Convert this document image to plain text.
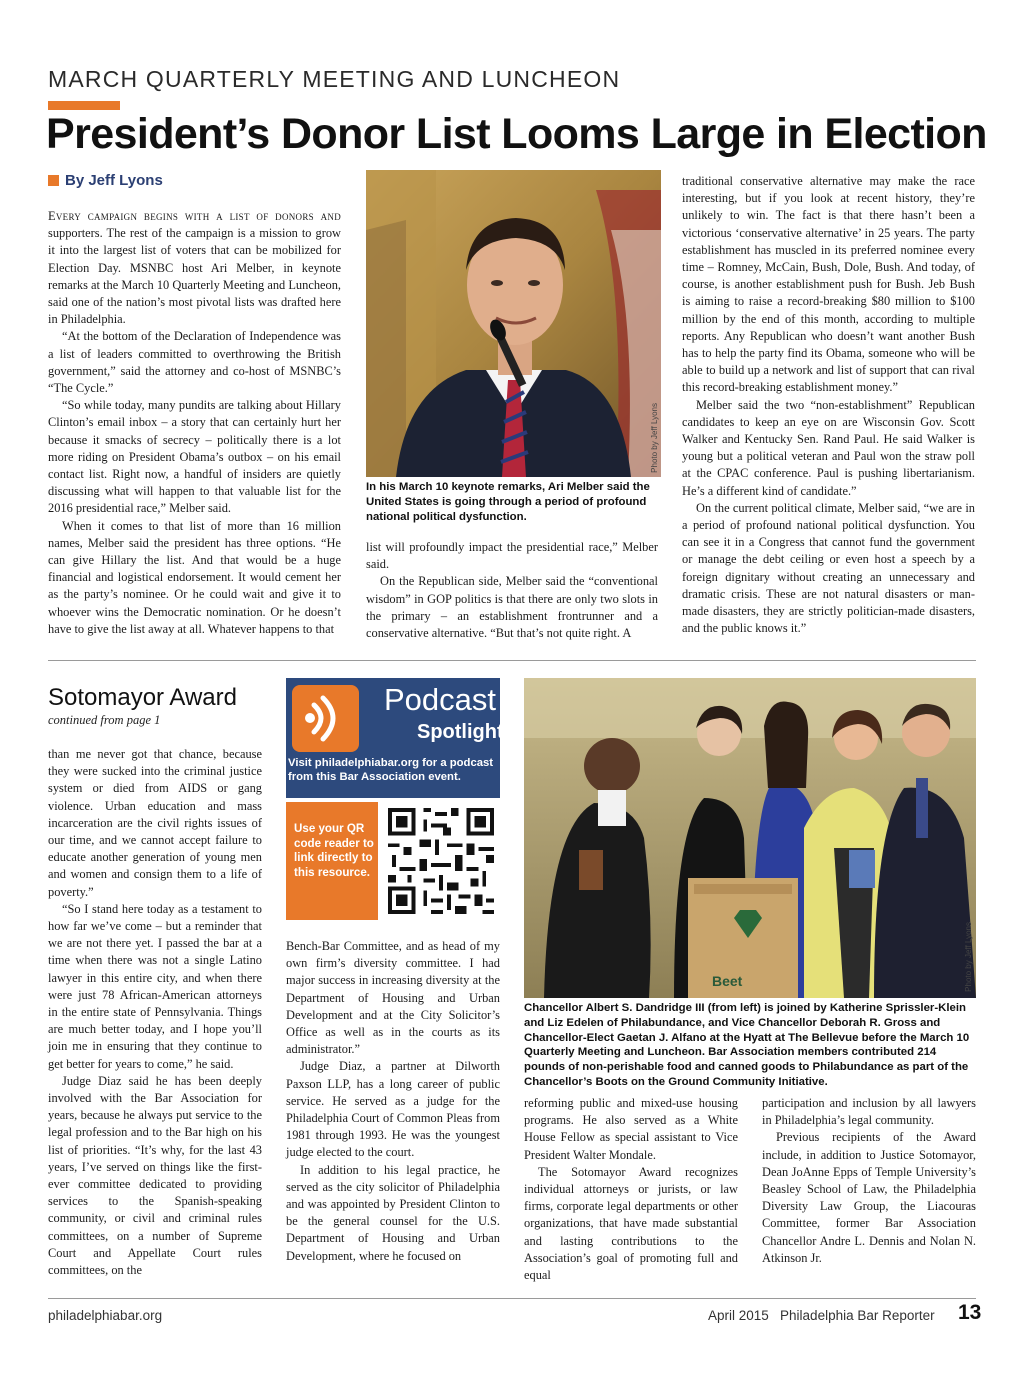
MARCH QUARTERLY MEETING AND LUNCHEON
President’s Donor List Looms Large in Election
By Jeff Lyons

Every campaign begins with a list of donors and supporters. The rest of the campaign is a mission to grow it into the largest list of voters that can be mobilized for Election Day. MSNBC host Ari Melber, in keynote remarks at the March 10 Quarterly Meeting and Luncheon, said one of the nation’s most pivotal lists was drafted here in Philadelphia.

“At the bottom of the Declaration of Independence was a list of leaders committed to overthrowing the British government,” said the attorney and co-host of MSNBC’s “The Cycle.”

“So while today, many pundits are talking about Hillary Clinton’s email inbox – a story that can certainly hurt her because it smacks of secrecy – politically there is a lot more riding on President Obama’s outbox – on his email contact list. Right now, a handful of insiders are quietly discussing what will happen to that valuable list for the 2016 presidential race,” Melber said.

When it comes to that list of more than 16 million names, Melber said the president has three options. “He can give Hillary the list. And that would be a huge financial and logistical endorsement. It would cement her as the party’s nominee. Or he could wait and give it to whoever wins the Democratic nomination. Or he doesn’t have to give the list away at all. Whatever happens to that

Photo by Jeff Lyons
In his March 10 keynote remarks, Ari Melber said the United States is going through a period of profound national political dysfunction.

list will profoundly impact the presidential race,” Melber said.

On the Republican side, Melber said the “conventional wisdom” in GOP politics is that there are only two slots in the primary – an establishment frontrunner and a conservative alternative. “But that’s not quite right. A

traditional conservative alternative may make the race interesting, but if you look at recent history, they’re unlikely to win. The fact is that there hasn’t been a victorious ‘conservative alternative’ in 25 years. The party establishment has muscled in its preferred nominee every time – Romney, McCain, Bush, Dole, Bush. And today, of course, is another establishment push for Bush. Jeb Bush is aiming to raise a record-breaking $80 million to $100 million by the end of this month, according to multiple reports. Any Republican who doesn’t want another Bush has to help the party find its Obama, someone who will be able to build up a network and list of support that can rival this record-breaking establishment money.”

Melber said the two “non-establishment” Republican candidates to keep an eye on are Wisconsin Gov. Scott Walker and Kentucky Sen. Rand Paul. He said Walker is young but a political veteran and Paul won the straw poll at the CPAC conference. Paul is pushing libertarianism. He’s a different kind of candidate.”

On the current political climate, Melber said, “we are in a period of profound national political dysfunction. You can see it in a Congress that cannot fund the government or manage the debt ceiling or even host a speech by a foreign dignitary without creating an unnecessary and dramatic crisis. These are not natural disasters or man-made disasters, they are strictly politician-made disasters, and the public knows it.”

Sotomayor Award
continued from page 1

than me never got that chance, because they were sucked into the criminal justice system or died from AIDS or gang violence. Urban education and mass incarceration are the civil rights issues of our time, and we cannot accept failure to educate another generation of young men and women and consign them to a life of poverty.”

“So I stand here today as a testament to how far we’ve come – but a reminder that we are not there yet. I passed the bar at a time when there was not a single Latino lawyer in this entire city, and when there were just 78 African-American attorneys in the entire state of Pennsylvania. Things are much better today, and I hope you’ll join me in ensuring that they continue to get better for years to come,” he said.

Judge Diaz said he has been deeply involved with the Bar Association for years, because he always put service to the legal profession and to the Bar high on his list of priorities. “It’s why, for the last 43 years, I’ve served on things like the first-ever committee dedicated to providing services to the Spanish-speaking community, or civil and criminal rules committees, on a number of Supreme Court and Appellate Court rules committees, on the

Podcast
Spotlight
Visit philadelphiabar.org for a podcast from this Bar Association event.
Use your QR code reader to link directly to this resource.

Bench-Bar Committee, and as head of my own firm’s diversity committee. I had major success in increasing diversity at the Department of Housing and Urban Development and at the City Solicitor’s Office as well as in the courts as its administrator.”

Judge Diaz, a partner at Dilworth Paxson LLP, has a long career of public service. He served as a judge for the Philadelphia Court of Common Pleas from 1981 through 1993. He was the youngest judge elected to the court.

In addition to his legal practice, he served as the city solicitor of Philadelphia and was appointed by President Clinton to be the general counsel for the U.S. Department of Housing and Urban Development, where he focused on

Beet	Photo by Jeff Lyons
Chancellor Albert S. Dandridge III (from left) is joined by Katherine Sprissler-Klein and Liz Edelen of Philabundance, and Vice Chancellor Deborah R. Gross and Chancellor-Elect Gaetan J. Alfano at the Hyatt at The Bellevue before the March 10 Quarterly Meeting and Luncheon. Bar Association members contributed 214 pounds of non-perishable food and canned goods to Philabundance as part of the Chancellor’s Boots on the Ground Community Initiative.

reforming public and mixed-use housing programs. He also served as a White House Fellow as special assistant to Vice President Walter Mondale.

The Sotomayor Award recognizes individual attorneys or jurists, or law firms, corporate legal departments or other organizations, that have made substantial and lasting contributions to the Association’s goal of promoting full and equal

participation and inclusion by all lawyers in Philadelphia’s legal community.

Previous recipients of the Award include, in addition to Justice Sotomayor, Dean JoAnne Epps of Temple University’s Beasley School of Law, the Philadelphia Diversity Law Group, the Liacouras Committee, former Bar Association Chancellor Andre L. Dennis and Nolan N. Atkinson Jr.

philadelphiabar.org	April 2015   Philadelphia Bar Reporter 13
